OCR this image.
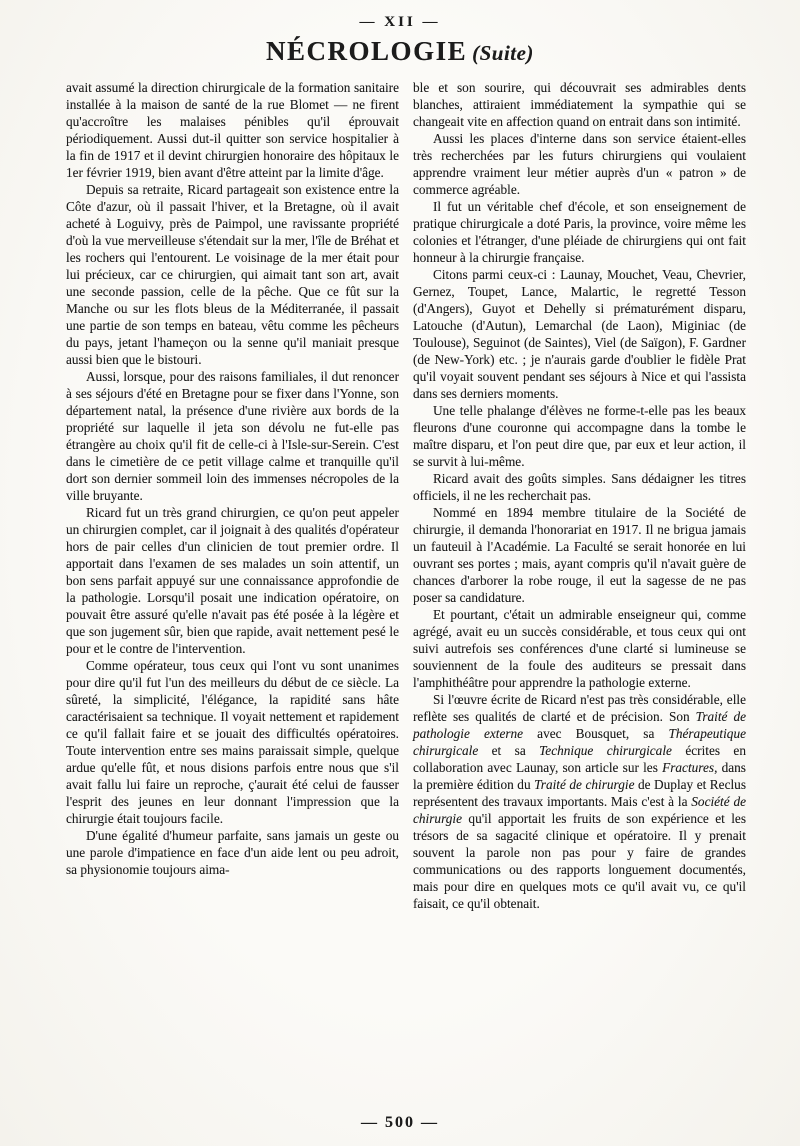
— XII —
NÉCROLOGIE (Suite)

avait assumé la direction chirurgicale de la formation sanitaire installée à la maison de santé de la rue Blomet — ne firent qu'accroître les malaises pénibles qu'il éprouvait périodiquement. Aussi dut-il quitter son service hospitalier à la fin de 1917 et il devint chirurgien honoraire des hôpitaux le 1er février 1919, bien avant d'être atteint par la limite d'âge.

Depuis sa retraite, Ricard partageait son existence entre la Côte d'azur, où il passait l'hiver, et la Bretagne, où il avait acheté à Loguivy, près de Paimpol, une ravissante propriété d'où la vue merveilleuse s'étendait sur la mer, l'île de Bréhat et les rochers qui l'entourent. Le voisinage de la mer était pour lui précieux, car ce chirurgien, qui aimait tant son art, avait une seconde passion, celle de la pêche. Que ce fût sur la Manche ou sur les flots bleus de la Méditerranée, il passait une partie de son temps en bateau, vêtu comme les pêcheurs du pays, jetant l'hameçon ou la senne qu'il maniait presque aussi bien que le bistouri.

Aussi, lorsque, pour des raisons familiales, il dut renoncer à ses séjours d'été en Bretagne pour se fixer dans l'Yonne, son département natal, la présence d'une rivière aux bords de la propriété sur laquelle il jeta son dévolu ne fut-elle pas étrangère au choix qu'il fit de celle-ci à l'Isle-sur-Serein. C'est dans le cimetière de ce petit village calme et tranquille qu'il dort son dernier sommeil loin des immenses nécropoles de la ville bruyante.

Ricard fut un très grand chirurgien, ce qu'on peut appeler un chirurgien complet, car il joignait à des qualités d'opérateur hors de pair celles d'un clinicien de tout premier ordre. Il apportait dans l'examen de ses malades un soin attentif, un bon sens parfait appuyé sur une connaissance approfondie de la pathologie. Lorsqu'il posait une indication opératoire, on pouvait être assuré qu'elle n'avait pas été posée à la légère et que son jugement sûr, bien que rapide, avait nettement pesé le pour et le contre de l'intervention.

Comme opérateur, tous ceux qui l'ont vu sont unanimes pour dire qu'il fut l'un des meilleurs du début de ce siècle. La sûreté, la simplicité, l'élégance, la rapidité sans hâte caractérisaient sa technique. Il voyait nettement et rapidement ce qu'il fallait faire et se jouait des difficultés opératoires. Toute intervention entre ses mains paraissait simple, quelque ardue qu'elle fût, et nous disions parfois entre nous que s'il avait fallu lui faire un reproche, ç'aurait été celui de fausser l'esprit des jeunes en leur donnant l'impression que la chirurgie était toujours facile.

D'une égalité d'humeur parfaite, sans jamais un geste ou une parole d'impatience en face d'un aide lent ou peu adroit, sa physionomie toujours aima-

ble et son sourire, qui découvrait ses admirables dents blanches, attiraient immédiatement la sympathie qui se changeait vite en affection quand on entrait dans son intimité.

Aussi les places d'interne dans son service étaient-elles très recherchées par les futurs chirurgiens qui voulaient apprendre vraiment leur métier auprès d'un « patron » de commerce agréable.

Il fut un véritable chef d'école, et son enseignement de pratique chirurgicale a doté Paris, la province, voire même les colonies et l'étranger, d'une pléiade de chirurgiens qui ont fait honneur à la chirurgie française.

Citons parmi ceux-ci : Launay, Mouchet, Veau, Chevrier, Gernez, Toupet, Lance, Malartic, le regretté Tesson (d'Angers), Guyot et Dehelly si prématurément disparu, Latouche (d'Autun), Lemarchal (de Laon), Miginiac (de Toulouse), Seguinot (de Saintes), Viel (de Saïgon), F. Gardner (de New-York) etc. ; je n'aurais garde d'oublier le fidèle Prat qu'il voyait souvent pendant ses séjours à Nice et qui l'assista dans ses derniers moments.

Une telle phalange d'élèves ne forme-t-elle pas les beaux fleurons d'une couronne qui accompagne dans la tombe le maître disparu, et l'on peut dire que, par eux et leur action, il se survit à lui-même.

Ricard avait des goûts simples. Sans dédaigner les titres officiels, il ne les recherchait pas.

Nommé en 1894 membre titulaire de la Société de chirurgie, il demanda l'honorariat en 1917. Il ne brigua jamais un fauteuil à l'Académie. La Faculté se serait honorée en lui ouvrant ses portes ; mais, ayant compris qu'il n'avait guère de chances d'arborer la robe rouge, il eut la sagesse de ne pas poser sa candidature.

Et pourtant, c'était un admirable enseigneur qui, comme agrégé, avait eu un succès considérable, et tous ceux qui ont suivi autrefois ses conférences d'une clarté si lumineuse se souviennent de la foule des auditeurs se pressait dans l'amphithéâtre pour apprendre la pathologie externe.

Si l'œuvre écrite de Ricard n'est pas très considérable, elle reflète ses qualités de clarté et de précision. Son Traité de pathologie externe avec Bousquet, sa Thérapeutique chirurgicale et sa Technique chirurgicale écrites en collaboration avec Launay, son article sur les Fractures, dans la première édition du Traité de chirurgie de Duplay et Reclus représentent des travaux importants. Mais c'est à la Société de chirurgie qu'il apportait les fruits de son expérience et les trésors de sa sagacité clinique et opératoire. Il y prenait souvent la parole non pas pour y faire de grandes communications ou des rapports longuement documentés, mais pour dire en quelques mots ce qu'il avait vu, ce qu'il faisait, ce qu'il obtenait.

— 500 —
